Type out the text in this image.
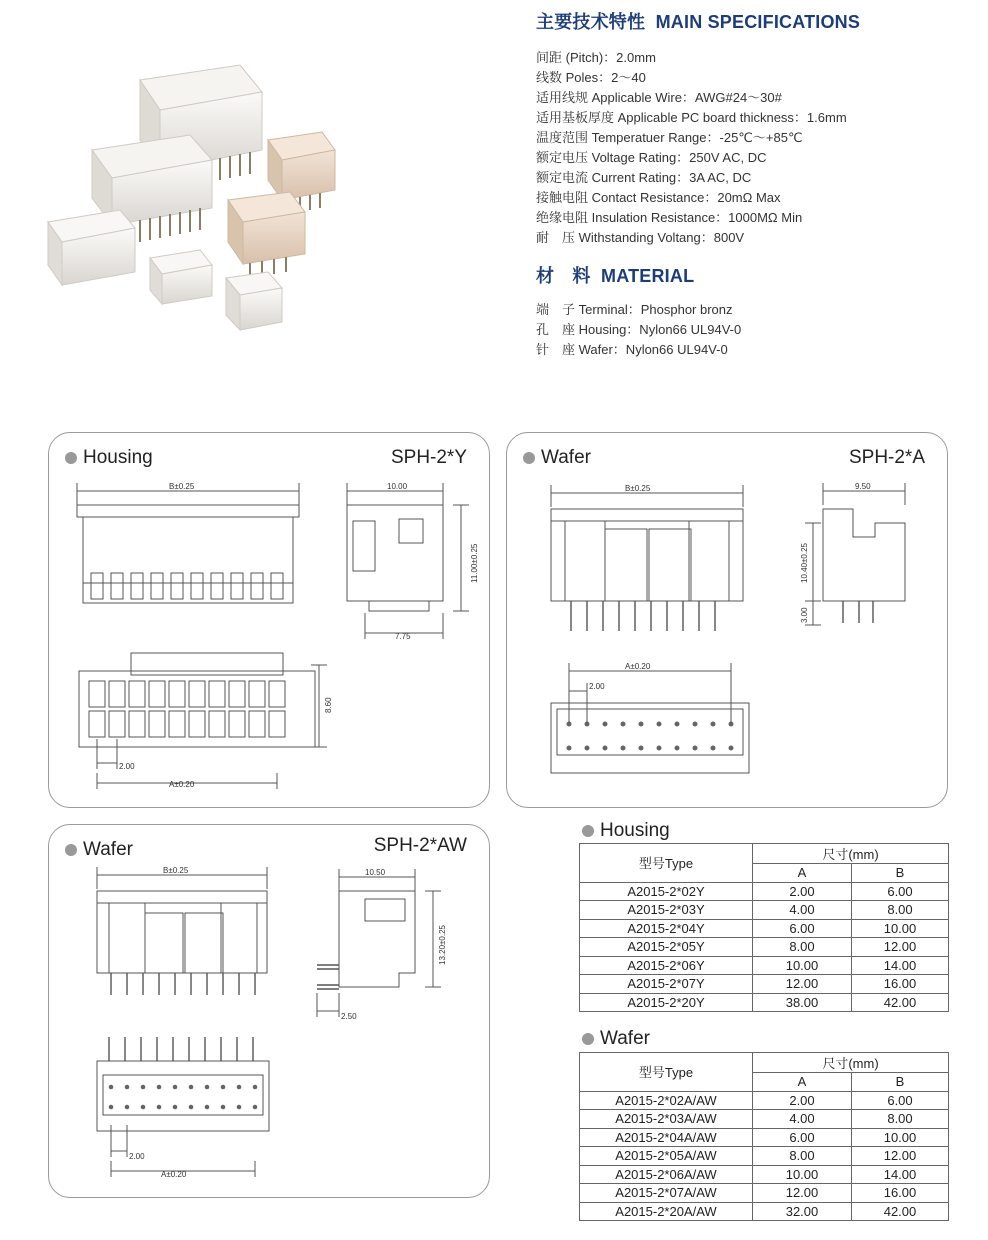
主要技术特性 MAIN SPECIFICATIONS
间距 (Pitch)：2.0mm
线数 Poles：2～40
适用线规 Applicable Wire：AWG#24～30#
适用基板厚度 Applicable PC board thickness：1.6mm
温度范围 Temperatuer Range：-25℃～+85℃
额定电压 Voltage Rating：250V AC, DC
额定电流 Current Rating：3A AC, DC
接触电阻 Contact Resistance：20mΩ Max
绝缘电阻 Insulation Resistance：1000MΩ Min
耐　压 Withstanding Voltang：800V
材　料 MATERIAL
端　子 Terminal：Phosphor bronz
孔　座 Housing：Nylon66 UL94V-0
针　座 Wafer：Nylon66 UL94V-0
Housing	SPH-2*Y
B±0.25	10.00
11.00±0.25
7.75
8.60
2.00
A±0.20
Wafer	SPH-2*A
B±0.25	9.50
10.40±0.25
3.00
A±0.20
2.00
Wafer	SPH-2*AW
B±0.25	10.50
13.20±0.25
2.50
2.00
A±0.20
Housing
型号Type	尺寸(mm)	
	A	B
A2015-2*02Y	2.00	6.00
A2015-2*03Y	4.00	8.00
A2015-2*04Y	6.00	10.00
A2015-2*05Y	8.00	12.00
A2015-2*06Y	10.00	14.00
A2015-2*07Y	12.00	16.00
A2015-2*20Y	38.00	42.00
Wafer
型号Type	尺寸(mm)	
	A	B
A2015-2*02A/AW	2.00	6.00
A2015-2*03A/AW	4.00	8.00
A2015-2*04A/AW	6.00	10.00
A2015-2*05A/AW	8.00	12.00
A2015-2*06A/AW	10.00	14.00
A2015-2*07A/AW	12.00	16.00
A2015-2*20A/AW	32.00	42.00
